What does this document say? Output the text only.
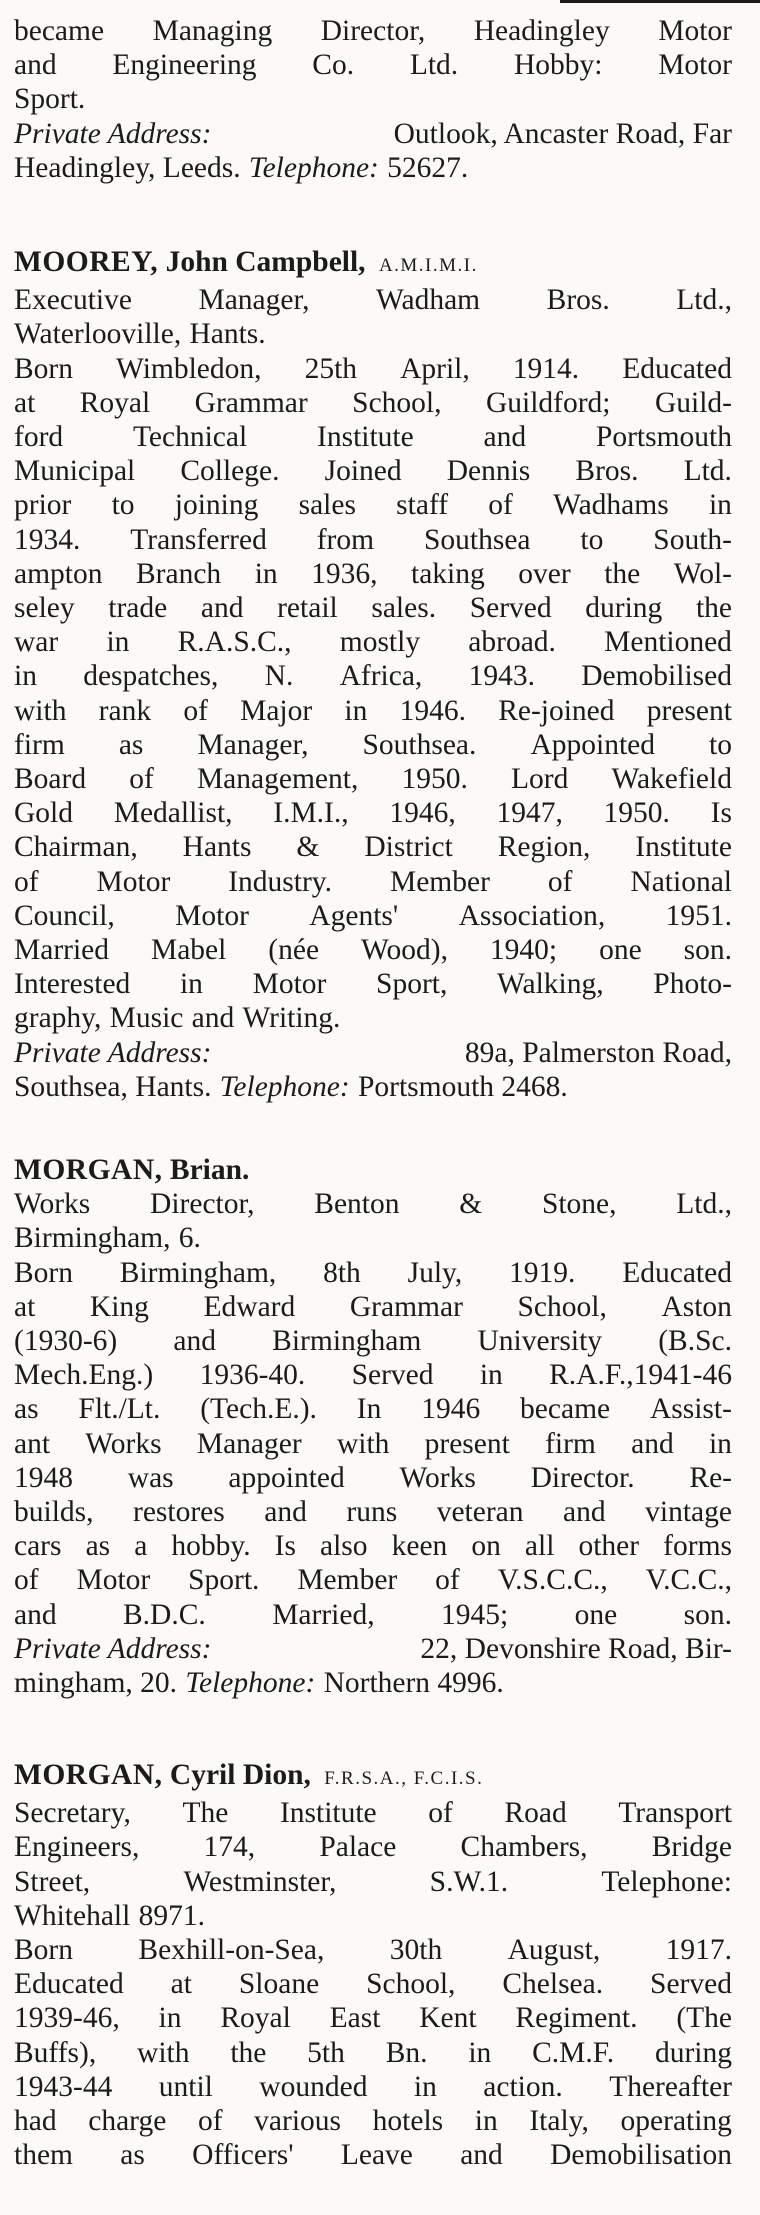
became Managing Director, Headingley Motor
and Engineering Co. Ltd. Hobby: Motor
Sport.
Private Address:	Outlook, Ancaster Road, Far
Headingley, Leeds. Telephone: 52627.
MOOREY, John Campbell, A.M.I.M.I.
Executive Manager, Wadham Bros. Ltd.,
Waterlooville, Hants.
Born Wimbledon, 25th April, 1914. Educated
at Royal Grammar School, Guildford; Guild-
ford Technical Institute and Portsmouth
Municipal College. Joined Dennis Bros. Ltd.
prior to joining sales staff of Wadhams in
1934. Transferred from Southsea to South-
ampton Branch in 1936, taking over the Wol-
seley trade and retail sales. Served during the
war in R.A.S.C., mostly abroad. Mentioned
in despatches, N. Africa, 1943. Demobilised
with rank of Major in 1946. Re-joined present
firm as Manager, Southsea. Appointed to
Board of Management, 1950. Lord Wakefield
Gold Medallist, I.M.I., 1946, 1947, 1950. Is
Chairman, Hants & District Region, Institute
of Motor Industry. Member of National
Council, Motor Agents' Association, 1951.
Married Mabel (née Wood), 1940; one son.
Interested in Motor Sport, Walking, Photo-
graphy, Music and Writing.
Private Address:	89a, Palmerston Road,
Southsea, Hants. Telephone: Portsmouth 2468.
MORGAN, Brian.
Works Director, Benton & Stone, Ltd.,
Birmingham, 6.
Born Birmingham, 8th July, 1919. Educated
at King Edward Grammar School, Aston
(1930-6) and Birmingham University (B.Sc.
Mech.Eng.) 1936-40. Served in R.A.F.,1941-46
as Flt./Lt. (Tech.E.). In 1946 became Assist-
ant Works Manager with present firm and in
1948 was appointed Works Director. Re-
builds, restores and runs veteran and vintage
cars as a hobby. Is also keen on all other forms
of Motor Sport. Member of V.S.C.C., V.C.C.,
and B.D.C. Married, 1945; one son.
Private Address:	22, Devonshire Road, Bir-
mingham, 20. Telephone: Northern 4996.
MORGAN, Cyril Dion, F.R.S.A., F.C.I.S.
Secretary, The Institute of Road Transport
Engineers, 174, Palace Chambers, Bridge
Street,	Westminster,	S.W.1.	Telephone:
Whitehall 8971.
Born Bexhill-on-Sea, 30th August, 1917.
Educated at Sloane School, Chelsea. Served
1939-46, in Royal East Kent Regiment. (The
Buffs), with the 5th Bn. in C.M.F. during
1943-44 until wounded in action. Thereafter
had charge of various hotels in Italy, operating
them as Officers' Leave and Demobilisation
